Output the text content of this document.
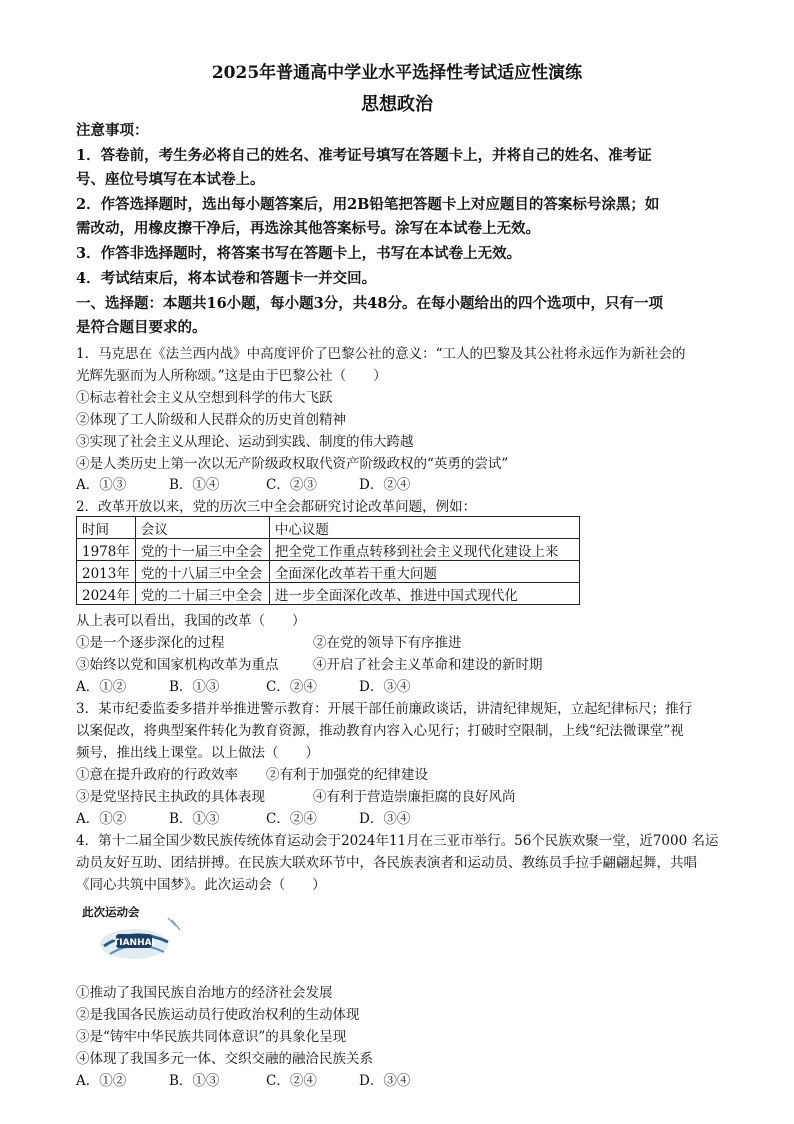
2025年普通高中学业水平选择性考试适应性演练
思想政治
注意事项：
1．答卷前，考生务必将自己的姓名、准考证号填写在答题卡上，并将自己的姓名、准考证
号、座位号填写在本试卷上。
2．作答选择题时，选出每小题答案后，用2B铅笔把答题卡上对应题目的答案标号涂黑；如
需改动，用橡皮擦干净后，再选涂其他答案标号。涂写在本试卷上无效。
3．作答非选择题时，将答案书写在答题卡上，书写在本试卷上无效。
4．考试结束后，将本试卷和答题卡一并交回。
一、选择题：本题共16小题，每小题3分，共48分。在每小题给出的四个选项中，只有一项
是符合题目要求的。
1．马克思在《法兰西内战》中高度评价了巴黎公社的意义：“工人的巴黎及其公社将永远作为新社会的
光辉先驱而为人所称颂。”这是由于巴黎公社（　　）
①标志着社会主义从空想到科学的伟大飞跃
②体现了工人阶级和人民群众的历史首创精神
③实现了社会主义从理论、运动到实践、制度的伟大跨越
④是人类历史上第一次以无产阶级政权取代资产阶级政权的“英勇的尝试”
A．①③	B．①④	C．②③	D．②④
2．改革开放以来，党的历次三中全会都研究讨论改革问题，例如：
时间	会议	中心议题
1978年	党的十一届三中全会	把全党工作重点转移到社会主义现代化建设上来
2013年	党的十八届三中全会	全面深化改革若干重大问题
2024年	党的二十届三中全会	进一步全面深化改革、推进中国式现代化
从上表可以看出，我国的改革（　　）
①是一个逐步深化的过程	②在党的领导下有序推进
③始终以党和国家机构改革为重点	④开启了社会主义革命和建设的新时期
A．①②	B．①③	C．②④	D．③④
3．某市纪委监委多措并举推进警示教育：开展干部任前廉政谈话，讲清纪律规矩，立起纪律标尺；推行
以案促改，将典型案件转化为教育资源，推动教育内容入心见行；打破时空限制，上线“纪法微课堂”视
频号，推出线上课堂。以上做法（　　）
①意在提升政府的行政效率 ②有利于加强党的纪律建设
③是党坚持民主执政的具体表现	④有利于营造崇廉拒腐的良好风尚
A．①②	B．①③	C．②④	D．③④
4．第十二届全国少数民族传统体育运动会于2024年11月在三亚市举行。56个民族欢聚一堂，近7000 名运
动员友好互助、团结拼搏。在民族大联欢环节中，各民族表演者和运动员、教练员手拉手翩翩起舞，共唱
《同心共筑中国梦》。此次运动会（　　）
此次运动会
TIANHAI
①推动了我国民族自治地方的经济社会发展
②是我国各民族运动员行使政治权利的生动体现
③是“铸牢中华民族共同体意识”的具象化呈现
④体现了我国多元一体、交织交融的融洽民族关系
A．①②	B．①③	C．②④	D．③④
